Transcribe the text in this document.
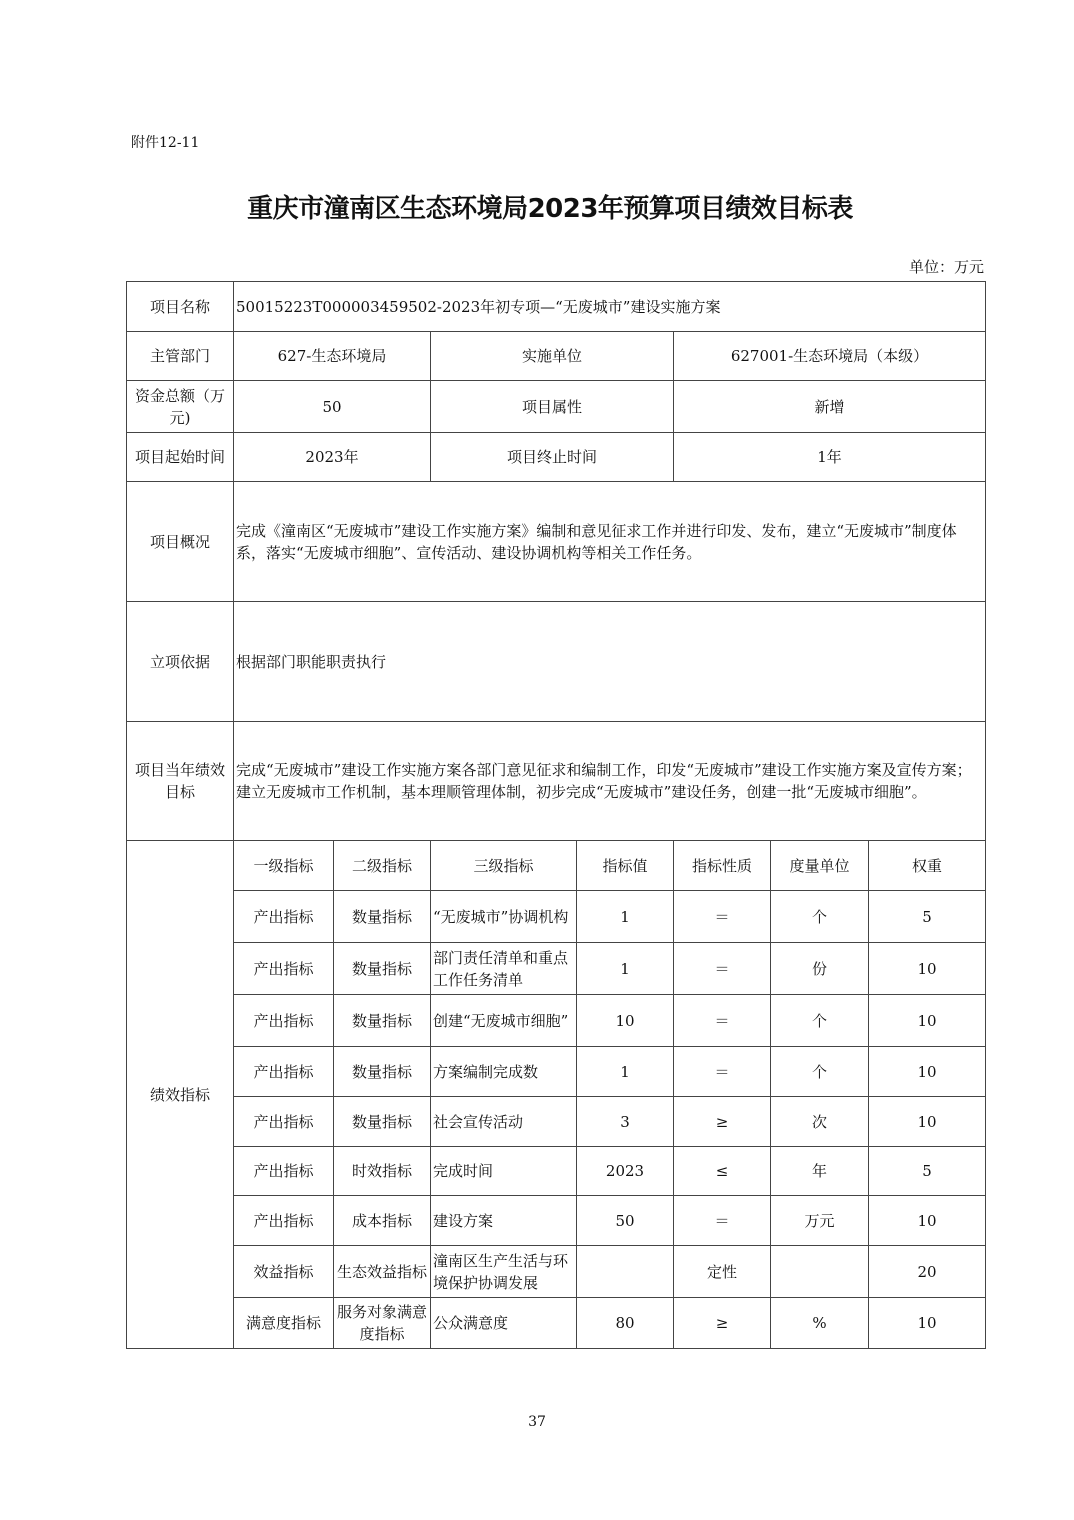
附件12-11
重庆市潼南区生态环境局2023年预算项目绩效目标表
单位：万元
项目名称	50015223T000003459502-2023年初专项—“无废城市”建设实施方案						
主管部门	627-生态环境局		实施单位		627001-生态环境局（本级）		
资金总额（万元)	50		项目属性		新增		
项目起始时间	2023年		项目终止时间		1年		
项目概况	完成《潼南区“无废城市”建设工作实施方案》编制和意见征求工作并进行印发、发布，建立“无废城市”制度体系，落实“无废城市细胞”、宣传活动、建设协调机构等相关工作任务。						
立项依据	根据部门职能职责执行						
项目当年绩效目标	完成“无废城市”建设工作实施方案各部门意见征求和编制工作，印发“无废城市”建设工作实施方案及宣传方案；建立无废城市工作机制，基本理顺管理体制，初步完成“无废城市”建设任务，创建一批“无废城市细胞”。						
绩效指标	一级指标	二级指标	三级指标	指标值	指标性质	度量单位	权重
	产出指标	数量指标	“无废城市”协调机构	1	＝	个	5
	产出指标	数量指标	部门责任清单和重点工作任务清单	1	＝	份	10
	产出指标	数量指标	创建“无废城市细胞”	10	＝	个	10
	产出指标	数量指标	方案编制完成数	1	＝	个	10
	产出指标	数量指标	社会宣传活动	3	≥	次	10
	产出指标	时效指标	完成时间	2023	≤	年	5
	产出指标	成本指标	建设方案	50	＝	万元	10
	效益指标	生态效益指标	潼南区生产生活与环境保护协调发展		定性		20
	满意度指标	服务对象满意度指标	公众满意度	80	≥	%	10
37
